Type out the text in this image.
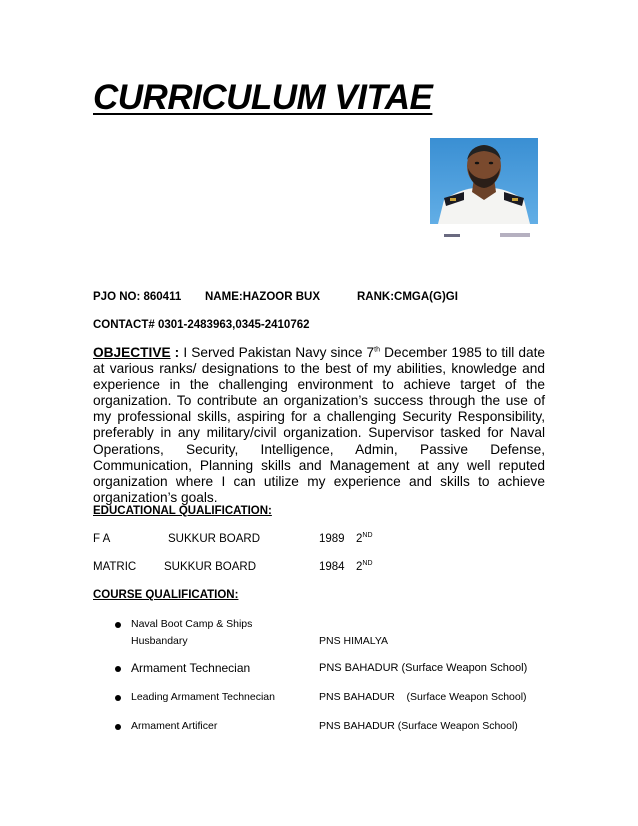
CURRICULUM VITAE
PJO NO: 860411 NAME:HAZOOR BUX	RANK:CMGA(G)GI
CONTACT# 0301-2483963,0345-2410762
OBJECTIVE : I Served Pakistan Navy since 7th December 1985 to till date at various ranks/ designations to the best of my abilities, knowledge and experience in the challenging environment to achieve target of the organization. To contribute an organization’s success through the use of my professional skills, aspiring for a challenging Security Responsibility, preferably in any military/civil organization. Supervisor tasked for Naval Operations, Security, Intelligence, Admin, Passive Defense, Communication, Planning skills and Management at any well reputed organization where I can utilize my experience and skills to achieve organization’s goals.
EDUCATIONAL QUALIFICATION:
F A	SUKKUR BOARD	1989 2ND
MATRIC SUKKUR BOARD	1984 2ND
COURSE QUALIFICATION:
Naval Boot Camp & Ships
Husbandary	PNS HIMALYA
Armament Technecian	PNS BAHADUR (Surface Weapon School)
Leading Armament Technecian	PNS BAHADUR    (Surface Weapon School)
Armament Artificer	PNS BAHADUR (Surface Weapon School)
